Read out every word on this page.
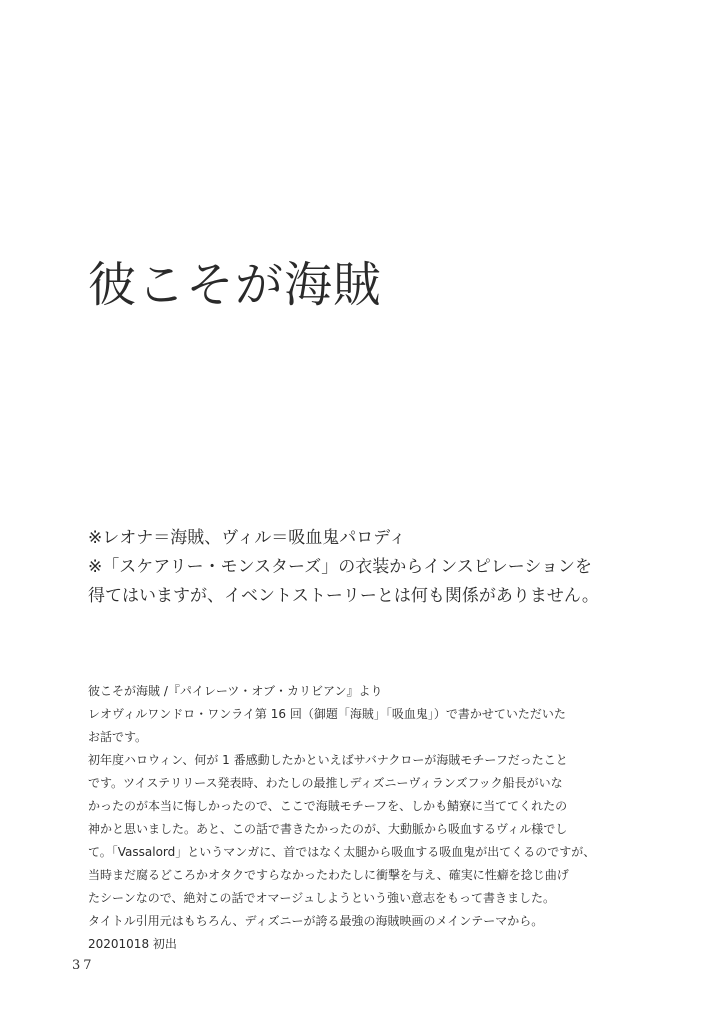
彼こそが海賊
※レオナ＝海賊、ヴィル＝吸血鬼パロディ
※「スケアリー・モンスターズ」の衣装からインスピレーションを
得てはいますが、イベントストーリーとは何も関係がありません。
彼こそが海賊 /『パイレーツ・オブ・カリビアン』より
レオヴィルワンドロ・ワンライ第 16 回（御題「海賊」「吸血鬼」）で書かせていただいた
お話です。
初年度ハロウィン、何が 1 番感動したかといえばサバナクローが海賊モチーフだったこと
です。ツイステリリース発表時、わたしの最推しディズニーヴィランズフック船長がいな
かったのが本当に悔しかったので、ここで海賊モチーフを、しかも鯖寮に当ててくれたの
神かと思いました。あと、この話で書きたかったのが、大動脈から吸血するヴィル様でし
て。「Vassalord」というマンガに、首ではなく太腿から吸血する吸血鬼が出てくるのですが、
当時まだ腐るどころかオタクですらなかったわたしに衝撃を与え、確実に性癖を捻じ曲げ
たシーンなので、絶対この話でオマージュしようという強い意志をもって書きました。
タイトル引用元はもちろん、ディズニーが誇る最強の海賊映画のメインテーマから。
20201018 初出
37
